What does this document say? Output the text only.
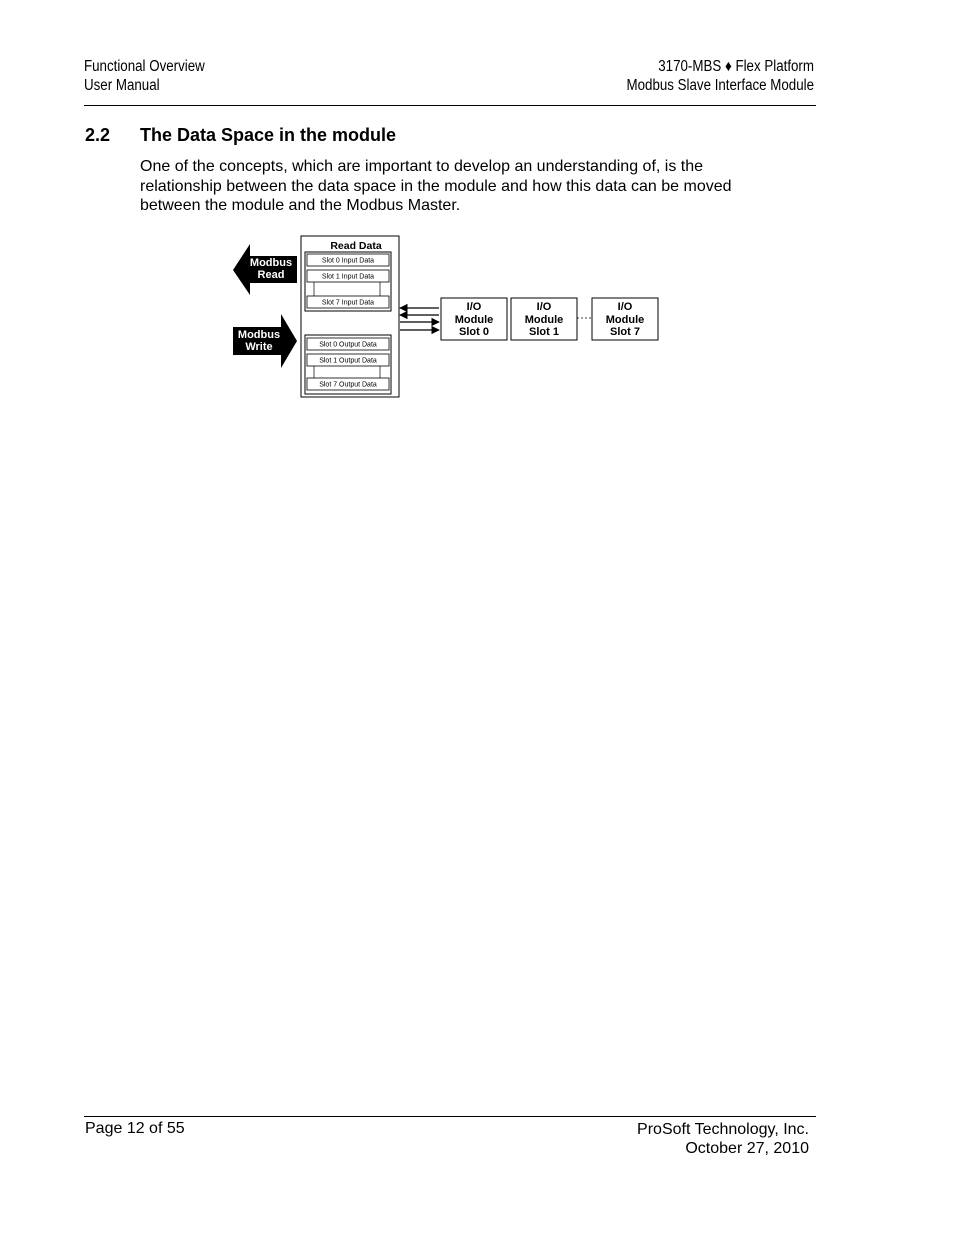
Functional Overview
User Manual
3170-MBS ♦ Flex Platform
Modbus Slave Interface Module
2.2 The Data Space in the module
One of the concepts, which are important to develop an understanding of, is the relationship between the data space in the module and how this data can be moved between the module and the Modbus Master.
Modbus
Read
Modbus
Write
Read Data
Slot 0 Input Data
Slot 1 Input Data
Slot 7 Input Data
Slot 0 Output Data
Slot 1 Output Data
Slot 7 Output Data
I/O
Module
Slot 0
I/O
Module
Slot 1
I/O
Module
Slot 7
Page 12 of 55	ProSoft Technology, Inc.
October 27, 2010
